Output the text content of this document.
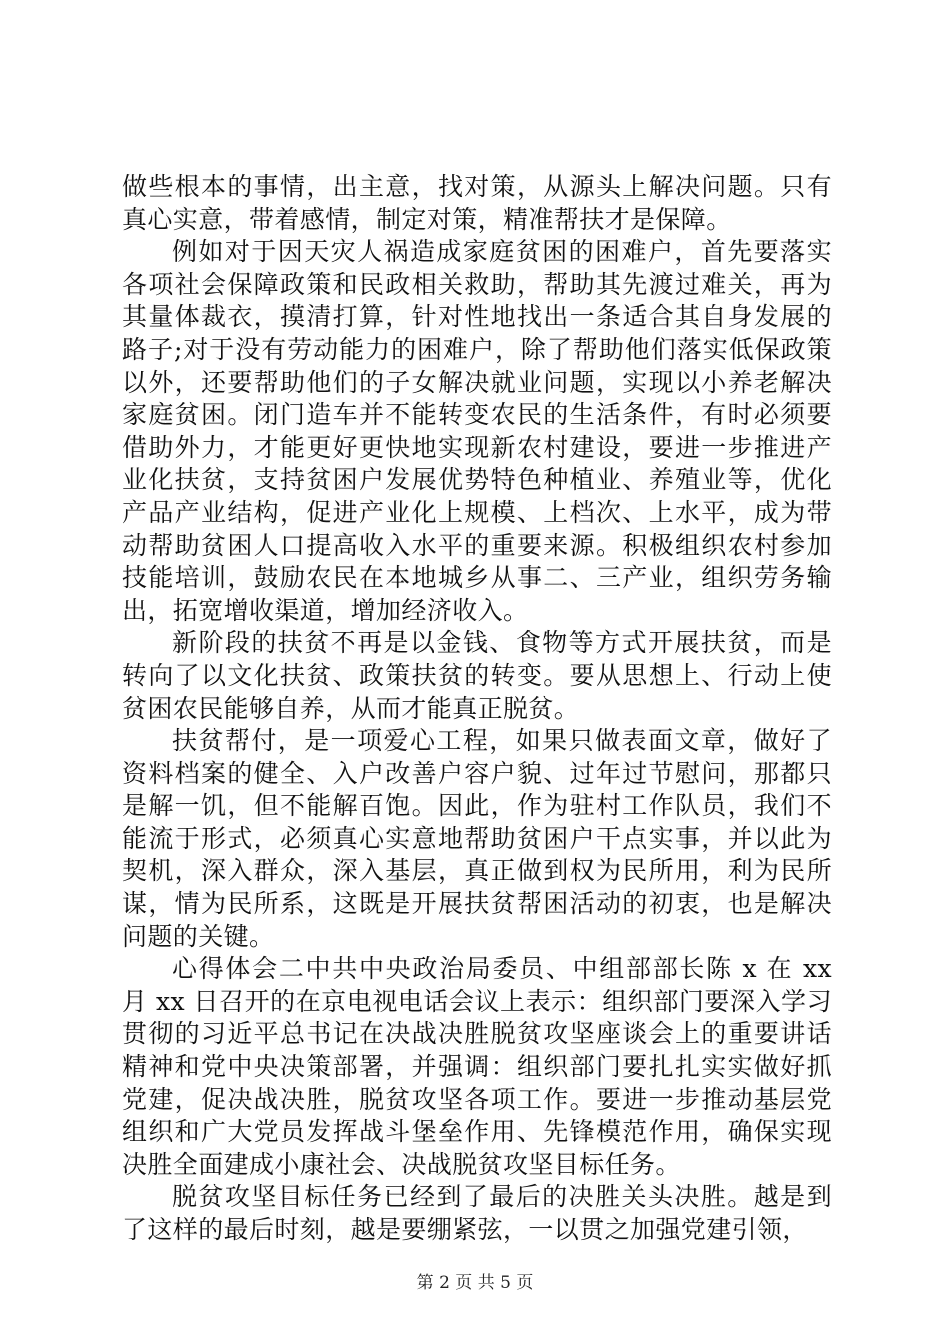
做些根本的事情，出主意，找对策，从源头上解决问题。只有真心实意，带着感情，制定对策，精准帮扶才是保障。

例如对于因天灾人祸造成家庭贫困的困难户，首先要落实各项社会保障政策和民政相关救助，帮助其先渡过难关，再为其量体裁衣，摸清打算，针对性地找出一条适合其自身发展的路子;对于没有劳动能力的困难户，除了帮助他们落实低保政策以外，还要帮助他们的子女解决就业问题，实现以小养老解决家庭贫困。闭门造车并不能转变农民的生活条件，有时必须要借助外力，才能更好更快地实现新农村建设，要进一步推进产业化扶贫，支持贫困户发展优势特色种植业、养殖业等，优化产品产业结构，促进产业化上规模、上档次、上水平，成为带动帮助贫困人口提高收入水平的重要来源。积极组织农村参加技能培训，鼓励农民在本地城乡从事二、三产业，组织劳务输出，拓宽增收渠道，增加经济收入。

新阶段的扶贫不再是以金钱、食物等方式开展扶贫，而是转向了以文化扶贫、政策扶贫的转变。要从思想上、行动上使贫困农民能够自养，从而才能真正脱贫。

扶贫帮付，是一项爱心工程，如果只做表面文章，做好了资料档案的健全、入户改善户容户貌、过年过节慰问，那都只是解一饥，但不能解百饱。因此，作为驻村工作队员，我们不能流于形式，必须真心实意地帮助贫困户干点实事，并以此为契机，深入群众，深入基层，真正做到权为民所用，利为民所谋，情为民所系，这既是开展扶贫帮困活动的初衷，也是解决问题的关键。

心得体会二中共中央政治局委员、中组部部长陈 x 在 xx 月 xx 日召开的在京电视电话会议上表示：组织部门要深入学习贯彻的习近平总书记在决战决胜脱贫攻坚座谈会上的重要讲话精神和党中央决策部署，并强调：组织部门要扎扎实实做好抓党建，促决战决胜，脱贫攻坚各项工作。要进一步推动基层党组织和广大党员发挥战斗堡垒作用、先锋模范作用，确保实现决胜全面建成小康社会、决战脱贫攻坚目标任务。

脱贫攻坚目标任务已经到了最后的决胜关头决胜。越是到了这样的最后时刻，越是要绷紧弦，一以贯之加强党建引领，

第 2 页 共 5 页
